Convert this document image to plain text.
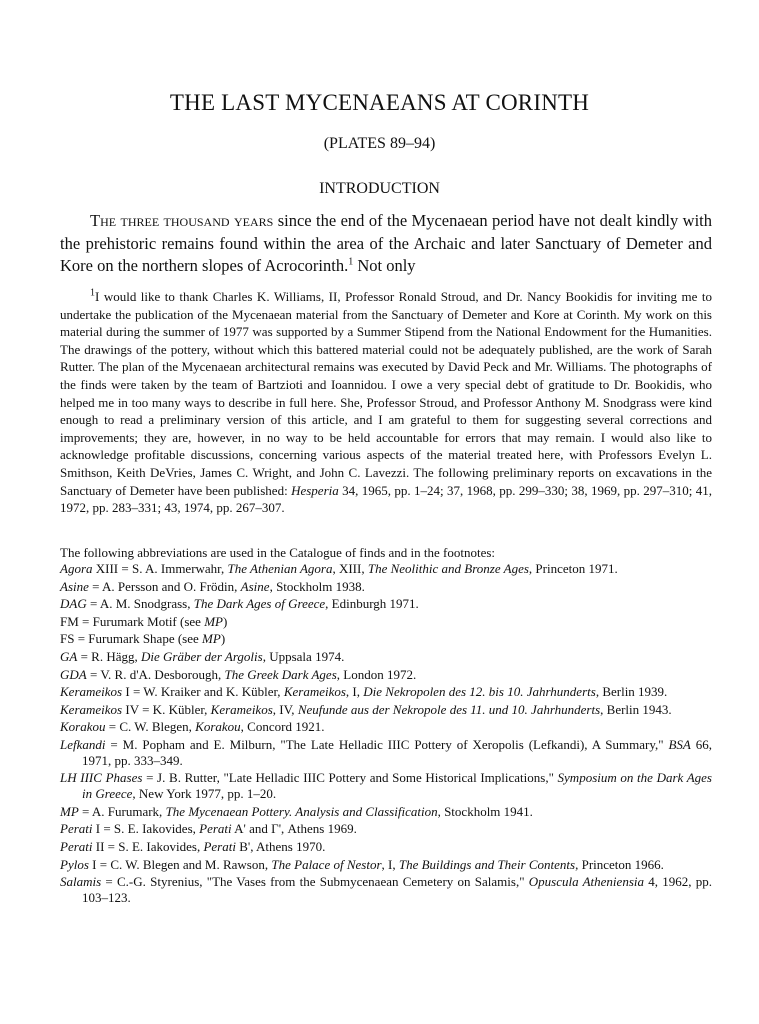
THE LAST MYCENAEANS AT CORINTH
(PLATES 89–94)
INTRODUCTION

The three thousand years since the end of the Mycenaean period have not dealt kindly with the prehistoric remains found within the area of the Archaic and later Sanctuary of Demeter and Kore on the northern slopes of Acrocorinth.$^1$ Not only

$^1$I would like to thank Charles K. Williams, II, Professor Ronald Stroud, and Dr. Nancy Bookidis for inviting me to undertake the publication of the Mycenaean material from the Sanctuary of Demeter and Kore at Corinth. My work on this material during the summer of 1977 was supported by a Summer Stipend from the National Endowment for the Humanities. The drawings of the pottery, without which this battered material could not be adequately published, are the work of Sarah Rutter. The plan of the Mycenaean architectural remains was executed by David Peck and Mr. Williams. The photographs of the finds were taken by the team of Bartzioti and Ioannidou. I owe a very special debt of gratitude to Dr. Bookidis, who helped me in too many ways to describe in full here. She, Professor Stroud, and Professor Anthony M. Snodgrass were kind enough to read a preliminary version of this article, and I am grateful to them for suggesting several corrections and improvements; they are, however, in no way to be held accountable for errors that may remain. I would also like to acknowledge profitable discussions, concerning various aspects of the material treated here, with Professors Evelyn L. Smithson, Keith DeVries, James C. Wright, and John C. Lavezzi. The following preliminary reports on excavations in the Sanctuary of Demeter have been published: Hesperia 34, 1965, pp. 1–24; 37, 1968, pp. 299–330; 38, 1969, pp. 297–310; 41, 1972, pp. 283–331; 43, 1974, pp. 267–307.

The following abbreviations are used in the Catalogue of finds and in the footnotes:

Agora XIII = S. A. Immerwahr, The Athenian Agora, XIII, The Neolithic and Bronze Ages, Princeton 1971.
Asine = A. Persson and O. Frödin, Asine, Stockholm 1938.
DAG = A. M. Snodgrass, The Dark Ages of Greece, Edinburgh 1971.
FM = Furumark Motif (see MP)
FS = Furumark Shape (see MP)
GA = R. Hägg, Die Gräber der Argolis, Uppsala 1974.
GDA = V. R. d'A. Desborough, The Greek Dark Ages, London 1972.
Kerameikos I = W. Kraiker and K. Kübler, Kerameikos, I, Die Nekropolen des 12. bis 10. Jahrhunderts, Berlin 1939.
Kerameikos IV = K. Kübler, Kerameikos, IV, Neufunde aus der Nekropole des 11. und 10. Jahrhunderts, Berlin 1943.
Korakou = C. W. Blegen, Korakou, Concord 1921.
Lefkandi = M. Popham and E. Milburn, "The Late Helladic IIIC Pottery of Xeropolis (Lefkandi), A Summary," BSA 66, 1971, pp. 333–349.
LH IIIC Phases = J. B. Rutter, "Late Helladic IIIC Pottery and Some Historical Implications," Symposium on the Dark Ages in Greece, New York 1977, pp. 1–20.
MP = A. Furumark, The Mycenaean Pottery. Analysis and Classification, Stockholm 1941.
Perati I = S. E. Iakovides, Perati A' and Γ', Athens 1969.
Perati II = S. E. Iakovides, Perati B', Athens 1970.
Pylos I = C. W. Blegen and M. Rawson, The Palace of Nestor, I, The Buildings and Their Contents, Princeton 1966.
Salamis = C.-G. Styrenius, "The Vases from the Submycenaean Cemetery on Salamis," Opuscula Atheniensia 4, 1962, pp. 103–123.
